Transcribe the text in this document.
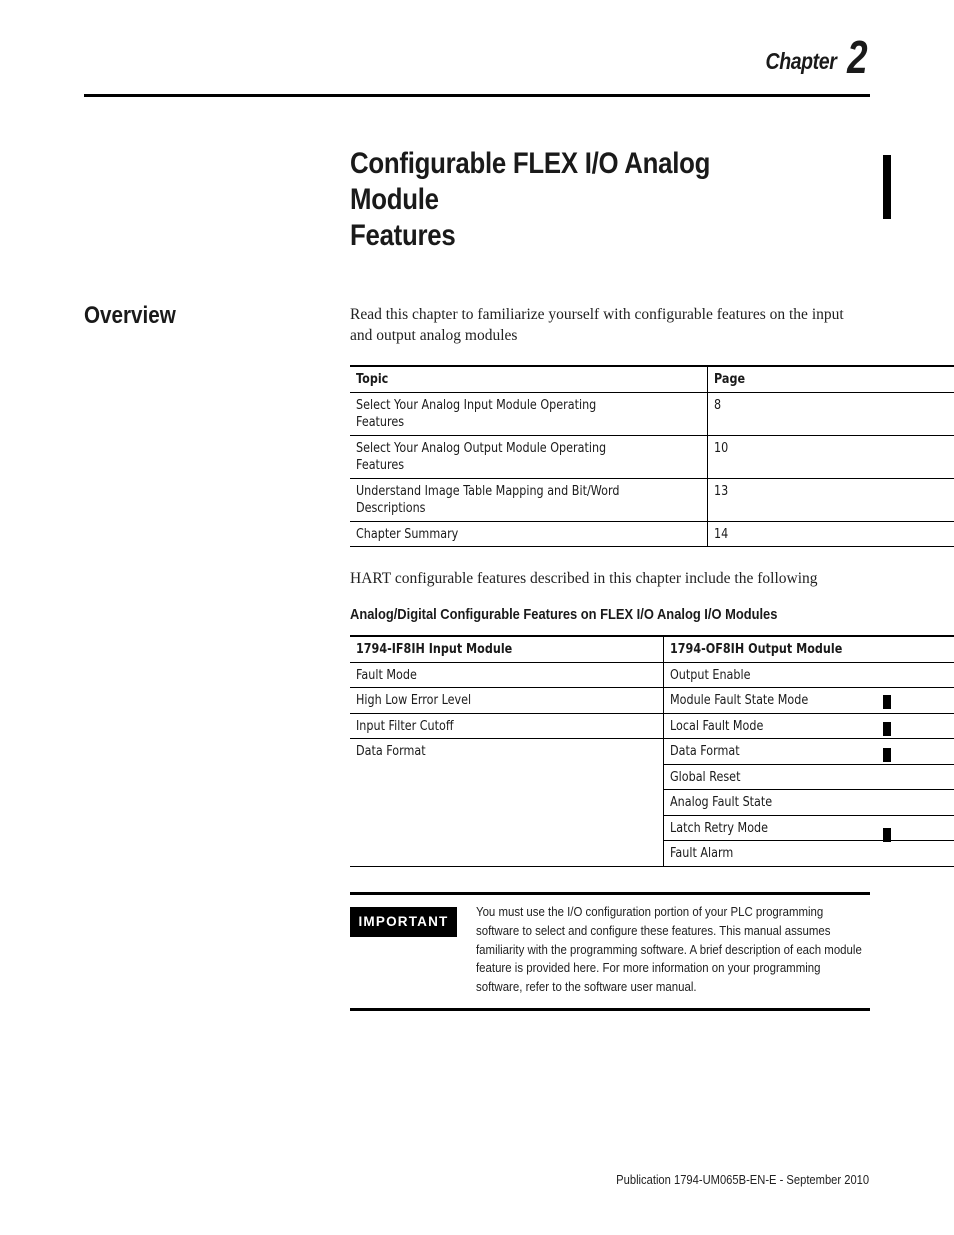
Chapter 2
Configurable FLEX I/O Analog Module
Features
Overview	Read this chapter to familiarize yourself with configurable features on the input and output analog modules
Topic	Page

Select Your Analog Input Module Operating Features	8

Select Your Analog Output Module Operating Features	10

Understand Image Table Mapping and Bit/Word Descriptions	13

Chapter Summary	14
HART configurable features described in this chapter include the following
Analog/Digital Configurable Features on FLEX I/O Analog I/O Modules
1794-IF8IH Input Module	1794-OF8IH Output Module

Fault Mode	Output Enable

High Low Error Level	Module Fault State Mode

Input Filter Cutoff	Local Fault Mode

Data Format	Data Format

	Global Reset

	Analog Fault State

	Latch Retry Mode

	Fault Alarm
IMPORTANT
You must use the I/O configuration portion of your PLC programming software to select and configure these features. This manual assumes familiarity with the programming software. A brief description of each module feature is provided here. For more information on your programming software, refer to the software user manual.
Publication 1794-UM065B-EN-E - September 2010
